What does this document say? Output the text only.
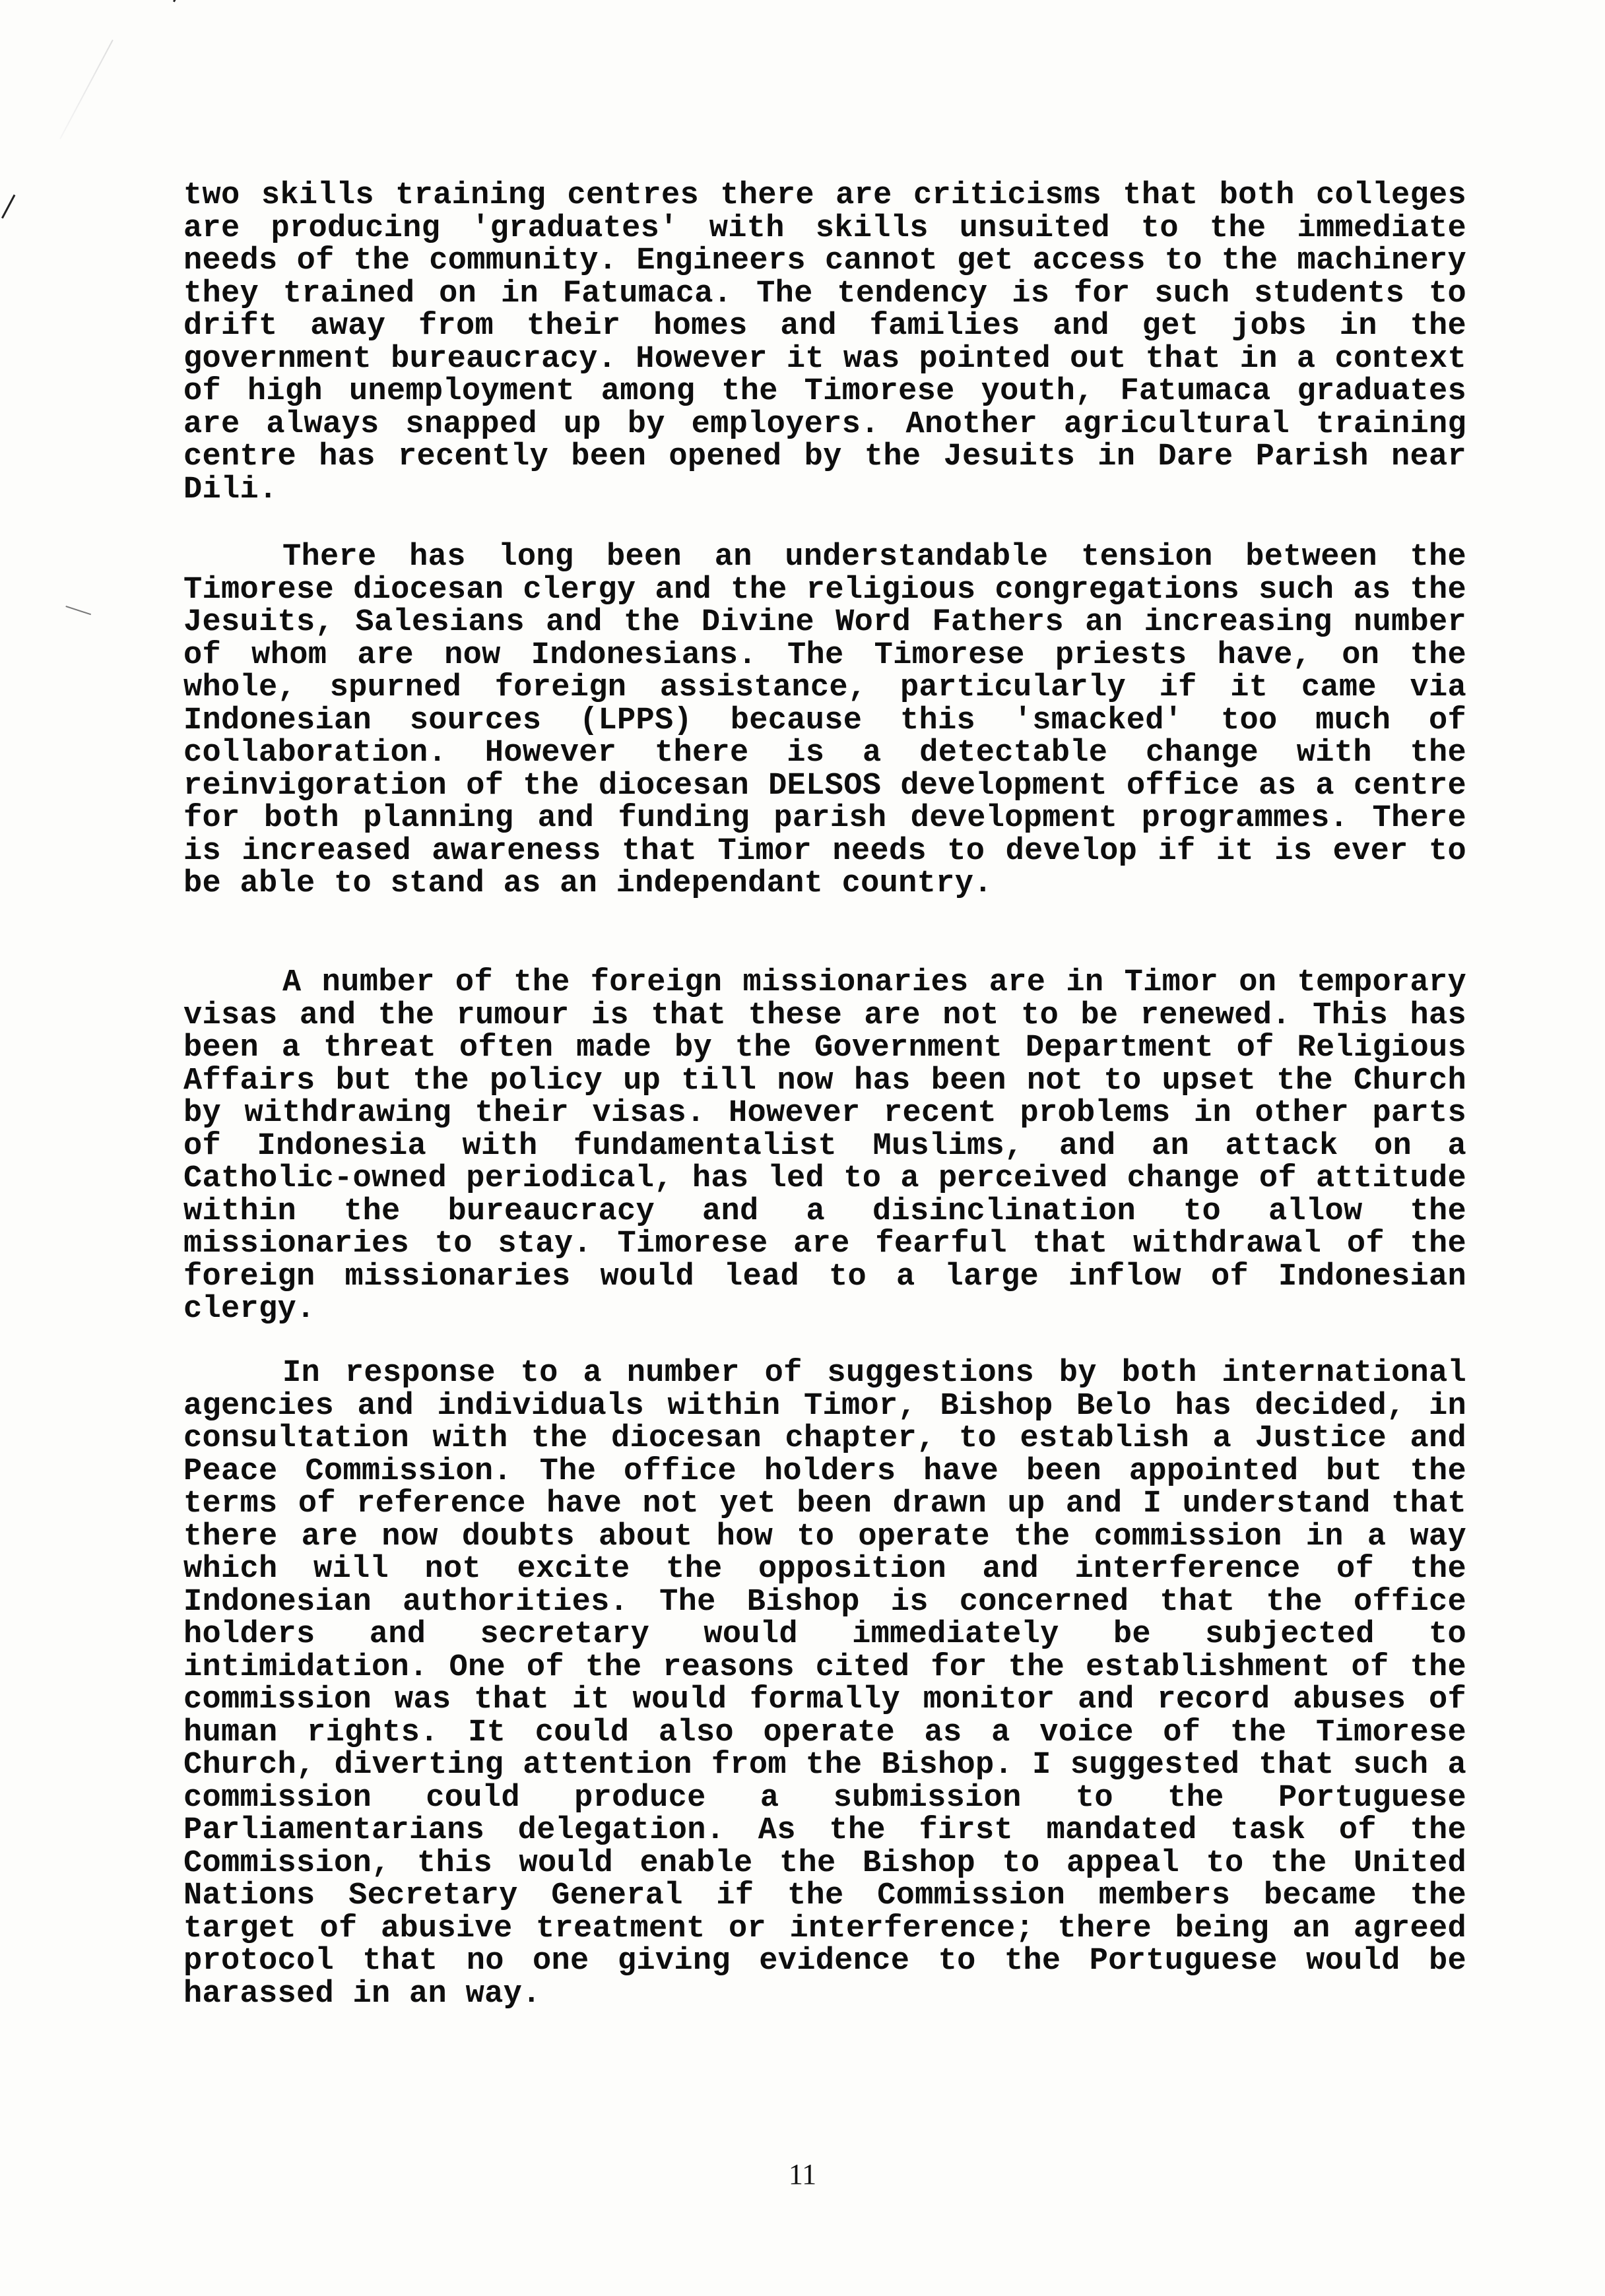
two skills training centres there are criticisms that both colleges are producing 'graduates' with skills unsuited to the immediate needs of the community. Engineers cannot get access to the machinery they trained on in Fatumaca. The tendency is for such students to drift away from their homes and families and get jobs in the government bureaucracy. However it was pointed out that in a context of high unemployment among the Timorese youth, Fatumaca graduates are always snapped up by employers. Another agricultural training centre has recently been opened by the Jesuits in Dare Parish near Dili.

There has long been an understandable tension between the Timorese diocesan clergy and the religious congregations such as the Jesuits, Salesians and the Divine Word Fathers an increasing number of whom are now Indonesians. The Timorese priests have, on the whole, spurned foreign assistance, particularly if it came via Indonesian sources (LPPS) because this 'smacked' too much of collaboration. However there is a detectable change with the reinvigoration of the diocesan DELSOS development office as a centre for both planning and funding parish development programmes. There is increased awareness that Timor needs to develop if it is ever to be able to stand as an independant country.

A number of the foreign missionaries are in Timor on temporary visas and the rumour is that these are not to be renewed. This has been a threat often made by the Government Department of Religious Affairs but the policy up till now has been not to upset the Church by withdrawing their visas. However recent problems in other parts of Indonesia with fundamentalist Muslims, and an attack on a Catholic-owned periodical, has led to a perceived change of attitude within the bureaucracy and a disinclination to allow the missionaries to stay. Timorese are fearful that withdrawal of the foreign missionaries would lead to a large inflow of Indonesian clergy.

In response to a number of suggestions by both international agencies and individuals within Timor, Bishop Belo has decided, in consultation with the diocesan chapter, to establish a Justice and Peace Commission. The office holders have been appointed but the terms of reference have not yet been drawn up and I understand that there are now doubts about how to operate the commission in a way which will not excite the opposition and interference of the Indonesian authorities. The Bishop is concerned that the office holders and secretary would immediately be subjected to intimidation. One of the reasons cited for the establishment of the commission was that it would formally monitor and record abuses of human rights. It could also operate as a voice of the Timorese Church, diverting attention from the Bishop. I suggested that such a commission could produce a submission to the Portuguese Parliamentarians delegation. As the first mandated task of the Commission, this would enable the Bishop to appeal to the United Nations Secretary General if the Commission members became the target of abusive treatment or interference; there being an agreed protocol that no one giving evidence to the Portuguese would be harassed in an way.

11
